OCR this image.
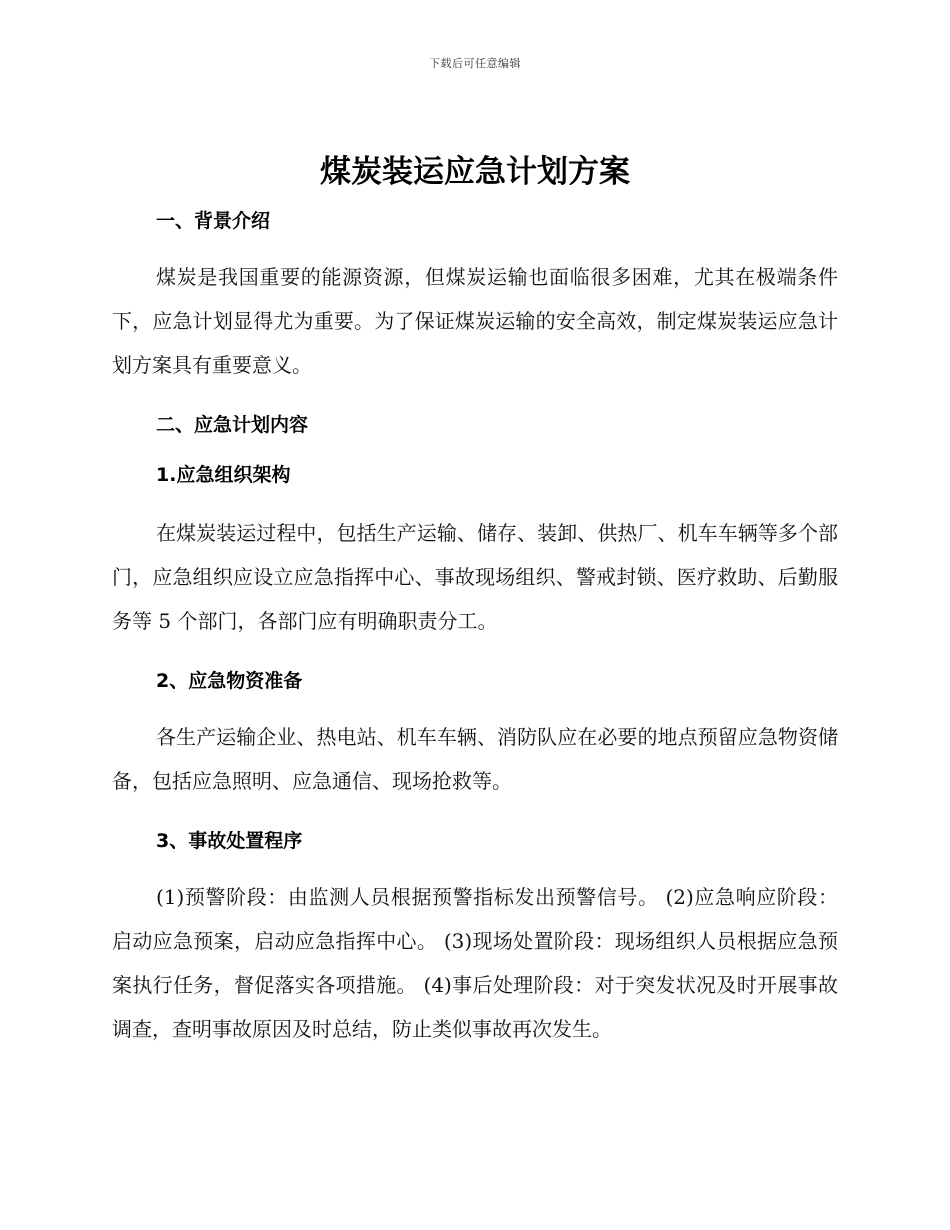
下载后可任意编辑
煤炭装运应急计划方案
一、背景介绍

煤炭是我国重要的能源资源，但煤炭运输也面临很多困难，尤其在极端条件下，应急计划显得尤为重要。为了保证煤炭运输的安全高效，制定煤炭装运应急计划方案具有重要意义。

二、应急计划内容
1.应急组织架构

在煤炭装运过程中，包括生产运输、储存、装卸、供热厂、机车车辆等多个部门，应急组织应设立应急指挥中心、事故现场组织、警戒封锁、医疗救助、后勤服务等 5 个部门，各部门应有明确职责分工。

2、应急物资准备

各生产运输企业、热电站、机车车辆、消防队应在必要的地点预留应急物资储备，包括应急照明、应急通信、现场抢救等。

3、事故处置程序

(1)预警阶段：由监测人员根据预警指标发出预警信号。 (2)应急响应阶段：启动应急预案，启动应急指挥中心。 (3)现场处置阶段：现场组织人员根据应急预案执行任务，督促落实各项措施。 (4)事后处理阶段：对于突发状况及时开展事故调查，查明事故原因及时总结，防止类似事故再次发生。
